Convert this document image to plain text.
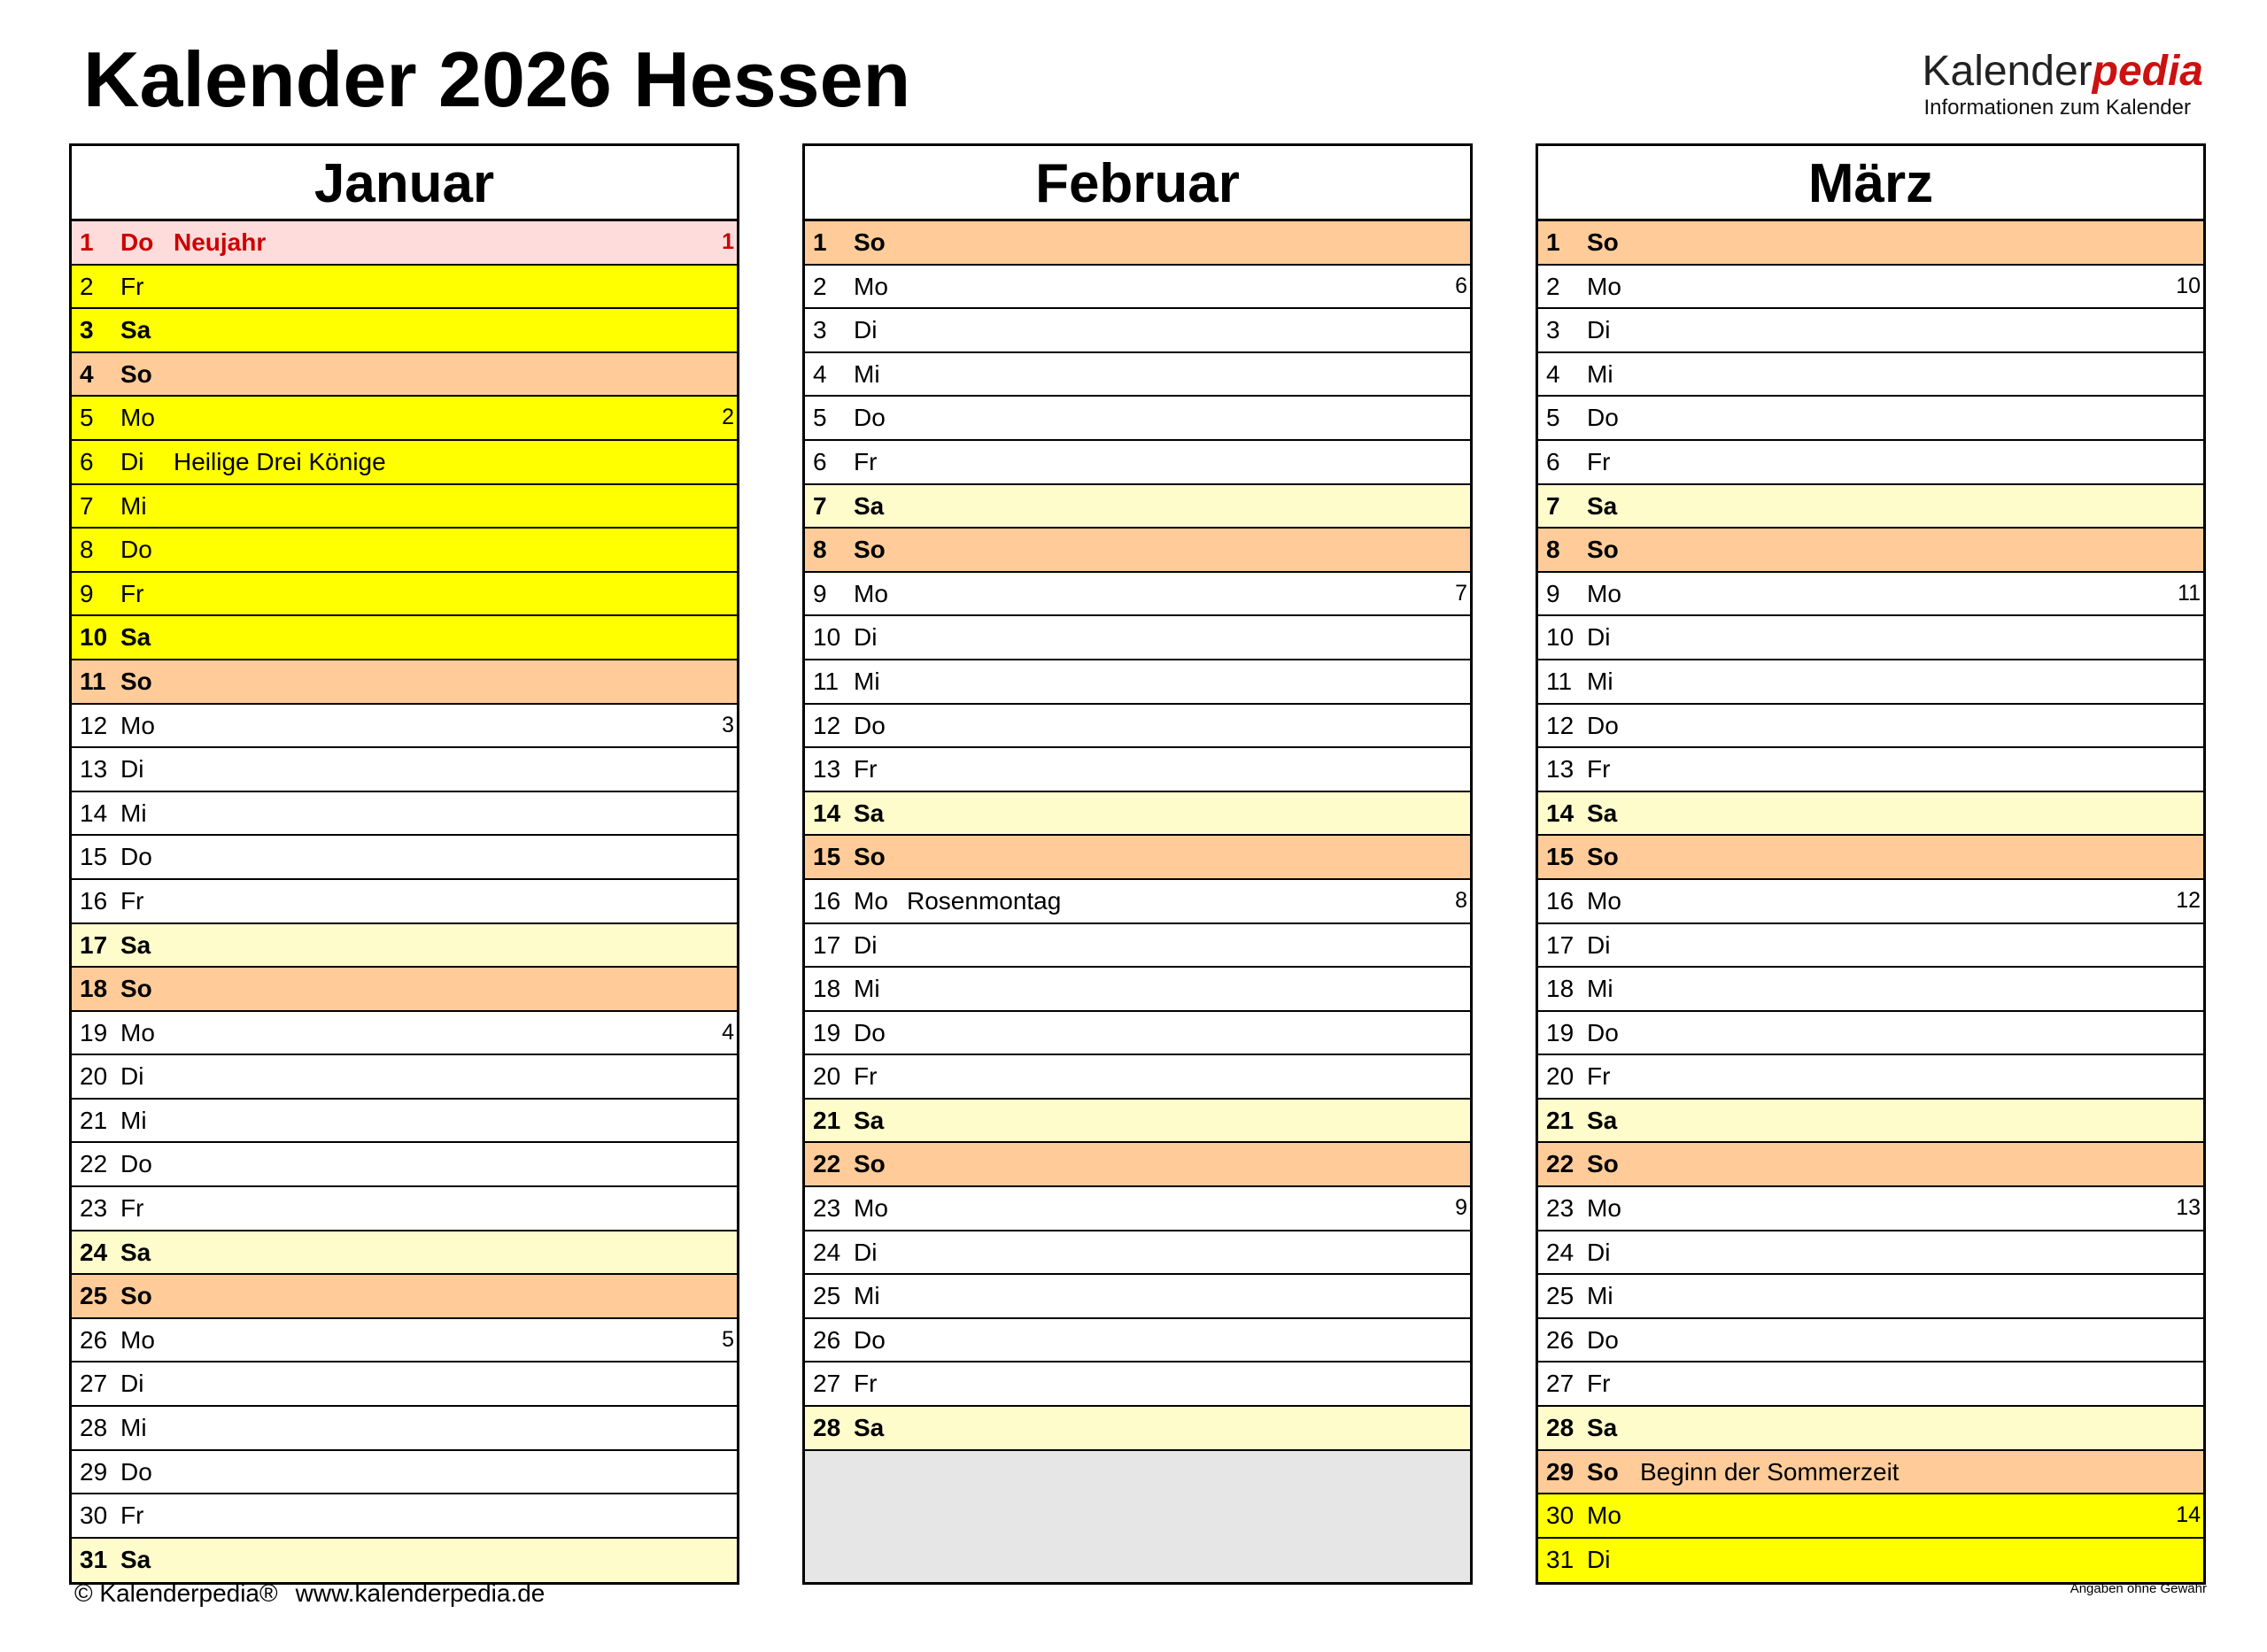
Kalender 2026 Hessen	Kalenderpedia
Informationen zum Kalender
Januar
1	Do Neujahr	1
2	Fr
3	Sa
4	So
5	Mo	2
6	Di Heilige Drei Könige
7	Mi
8	Do
9	Fr
10 Sa
11 So
12 Mo	3
13 Di
14 Mi
15 Do
16 Fr
17 Sa
18 So
19 Mo	4
20 Di
21 Mi
22 Do
23 Fr
24 Sa
25 So
26 Mo	5
27 Di
28 Mi
29 Do
30 Fr
31 Sa
Februar
1	So
2	Mo	6
3	Di
4	Mi
5	Do
6	Fr
7	Sa
8	So
9	Mo	7
10 Di
11 Mi
12 Do
13 Fr
14 Sa
15 So
16 Mo Rosenmontag	8
17 Di
18 Mi
19 Do
20 Fr
21 Sa
22 So
23 Mo	9
24 Di
25 Mi
26 Do
27 Fr
28 Sa
März
1	So
2	Mo	10
3	Di
4	Mi
5	Do
6	Fr
7	Sa
8	So
9	Mo	11
10 Di
11 Mi
12 Do
13 Fr
14 Sa
15 So
16 Mo	12
17 Di
18 Mi
19 Do
20 Fr
21 Sa
22 So
23 Mo	13
24 Di
25 Mi
26 Do
27 Fr
28 Sa
29 So Beginn der Sommerzeit
30 Mo	14
31 Di
© Kalenderpedia® www.kalenderpedia.de	Angaben ohne Gewähr
